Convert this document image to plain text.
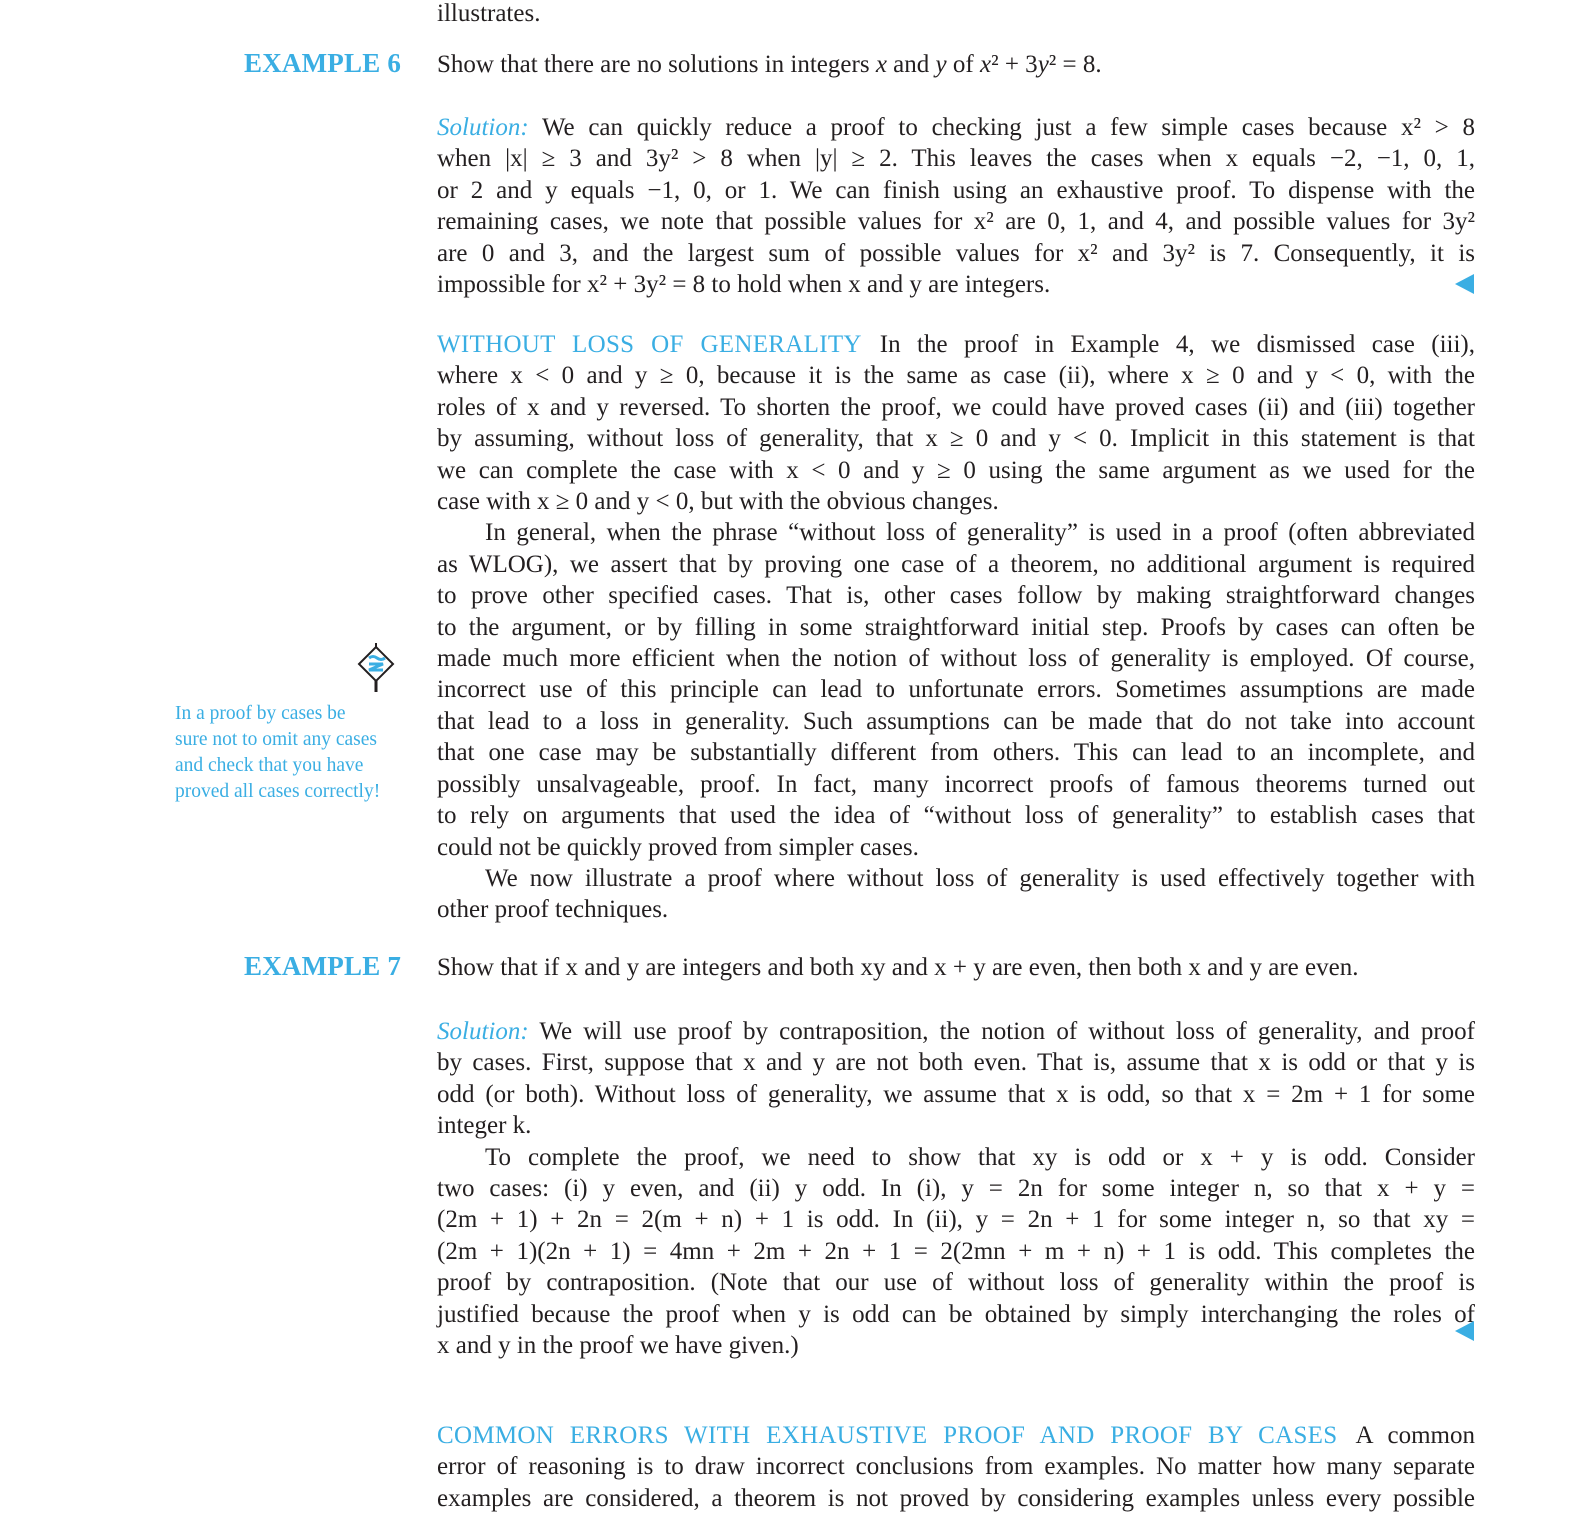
illustrates.
EXAMPLE 6 Show that there are no solutions in integers x and y of x² + 3y² = 8.
Solution: We can quickly reduce a proof to checking just a few simple cases because x² > 8
when |x| ≥ 3 and 3y² > 8 when |y| ≥ 2. This leaves the cases when x equals −2, −1, 0, 1,
or 2 and y equals −1, 0, or 1. We can finish using an exhaustive proof. To dispense with the
remaining cases, we note that possible values for x² are 0, 1, and 4, and possible values for 3y²
are 0 and 3, and the largest sum of possible values for x² and 3y² is 7. Consequently, it is
impossible for x² + 3y² = 8 to hold when x and y are integers.
WITHOUT LOSS OF GENERALITY In the proof in Example 4, we dismissed case (iii),
where x < 0 and y ≥ 0, because it is the same as case (ii), where x ≥ 0 and y < 0, with the
roles of x and y reversed. To shorten the proof, we could have proved cases (ii) and (iii) together
by assuming, without loss of generality, that x ≥ 0 and y < 0. Implicit in this statement is that
we can complete the case with x < 0 and y ≥ 0 using the same argument as we used for the
case with x ≥ 0 and y < 0, but with the obvious changes.
In general, when the phrase “without loss of generality” is used in a proof (often abbreviated
as WLOG), we assert that by proving one case of a theorem, no additional argument is required
to prove other specified cases. That is, other cases follow by making straightforward changes
to the argument, or by filling in some straightforward initial step. Proofs by cases can often be
made much more efficient when the notion of without loss of generality is employed. Of course,
incorrect use of this principle can lead to unfortunate errors. Sometimes assumptions are made
that lead to a loss in generality. Such assumptions can be made that do not take into account
that one case may be substantially different from others. This can lead to an incomplete, and
possibly unsalvageable, proof. In fact, many incorrect proofs of famous theorems turned out
to rely on arguments that used the idea of “without loss of generality” to establish cases that
could not be quickly proved from simpler cases.
We now illustrate a proof where without loss of generality is used effectively together with
other proof techniques.
In a proof by cases be
sure not to omit any cases
and check that you have
proved all cases correctly!
EXAMPLE 7 Show that if x and y are integers and both xy and x + y are even, then both x and y are even.
Solution: We will use proof by contraposition, the notion of without loss of generality, and proof
by cases. First, suppose that x and y are not both even. That is, assume that x is odd or that y is
odd (or both). Without loss of generality, we assume that x is odd, so that x = 2m + 1 for some
integer k.
To complete the proof, we need to show that xy is odd or x + y is odd. Consider
two cases: (i) y even, and (ii) y odd. In (i), y = 2n for some integer n, so that x + y =
(2m + 1) + 2n = 2(m + n) + 1 is odd. In (ii), y = 2n + 1 for some integer n, so that xy =
(2m + 1)(2n + 1) = 4mn + 2m + 2n + 1 = 2(2mn + m + n) + 1 is odd. This completes the
proof by contraposition. (Note that our use of without loss of generality within the proof is
justified because the proof when y is odd can be obtained by simply interchanging the roles of
x and y in the proof we have given.)
COMMON ERRORS WITH EXHAUSTIVE PROOF AND PROOF BY CASES A common
error of reasoning is to draw incorrect conclusions from examples. No matter how many separate
examples are considered, a theorem is not proved by considering examples unless every possible
